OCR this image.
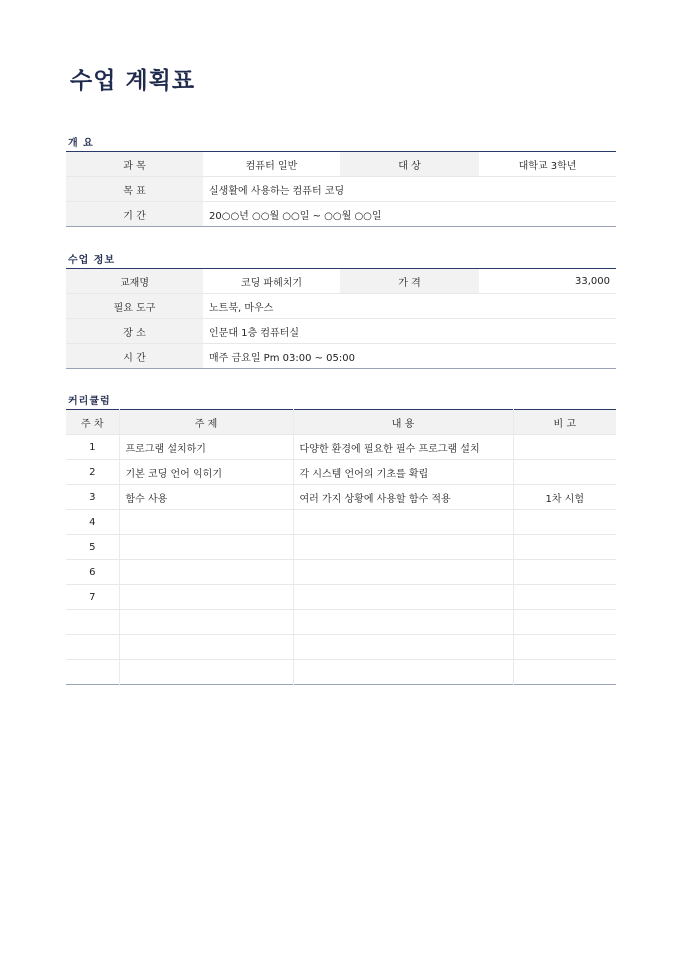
수업 계획표
개 요
과 목	컴퓨터 일반	대 상	대학교 3학년
목 표	실생활에 사용하는 컴퓨터 코딩		
기 간	20○○년 ○○월 ○○일 ~ ○○월 ○○일		
수업 정보
교재명	코딩 파헤치기	가 격	33,000
필요 도구	노트북, 마우스		
장 소	인문대 1층 컴퓨터실		
시 간	매주 금요일 Pm 03:00 ~ 05:00		
커리큘럼
주 차	주 제	내 용	비 고
1	프로그램 설치하기	다양한 환경에 필요한 필수 프로그램 설치	
2	기본 코딩 언어 익히기	각 시스템 언어의 기초를 확립	
3	함수 사용	여러 가지 상황에 사용할 함수 적용	1차 시험
4			
5			
6			
7			
